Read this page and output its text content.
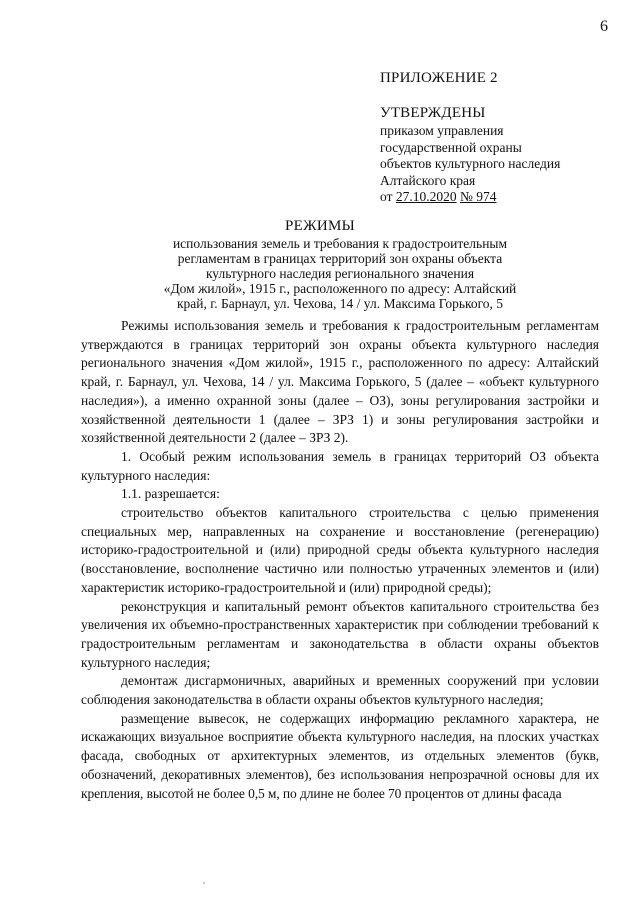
6
ПРИЛОЖЕНИЕ 2
УТВЕРЖДЕНЫ
приказом управления
государственной охраны
объектов культурного наследия
Алтайского края
от 27.10.2020 № 974
РЕЖИМЫ
использования земель и требования к градостроительным
регламентам в границах территорий зон охраны объекта
культурного наследия регионального значения
«Дом жилой», 1915 г., расположенного по адресу: Алтайский
край, г. Барнаул, ул. Чехова, 14 / ул. Максима Горького, 5

Режимы использования земель и требования к градостроительным регламентам утверждаются в границах территорий зон охраны объекта культурного наследия регионального значения «Дом жилой», 1915 г., расположенного по адресу: Алтайский край, г. Барнаул, ул. Чехова, 14 / ул. Максима Горького, 5 (далее – «объект культурного наследия»), а именно охранной зоны (далее – ОЗ), зоны регулирования застройки и хозяйственной деятельности 1 (далее – ЗРЗ 1) и зоны регулирования застройки и хозяйственной деятельности 2 (далее – ЗРЗ 2).

1. Особый режим использования земель в границах территорий ОЗ объекта культурного наследия:

1.1. разрешается:

строительство объектов капитального строительства с целью применения специальных мер, направленных на сохранение и восстановление (регенерацию) историко-градостроительной и (или) природной среды объекта культурного наследия (восстановление, восполнение частично или полностью утраченных элементов и (или) характеристик историко-градостроительной и (или) природной среды);

реконструкция и капитальный ремонт объектов капитального строительства без увеличения их объемно-пространственных характеристик при соблюдении требований к градостроительным регламентам и законодательства в области охраны объектов культурного наследия;

демонтаж дисгармоничных, аварийных и временных сооружений при условии соблюдения законодательства в области охраны объектов культурного наследия;

размещение вывесок, не содержащих информацию рекламного характера, не искажающих визуальное восприятие объекта культурного наследия, на плоских участках фасада, свободных от архитектурных элементов, из отдельных элементов (букв, обозначений, декоративных элементов), без использования непрозрачной основы для их крепления, высотой не более 0,5 м, по длине не более 70 процентов от длины фасада
